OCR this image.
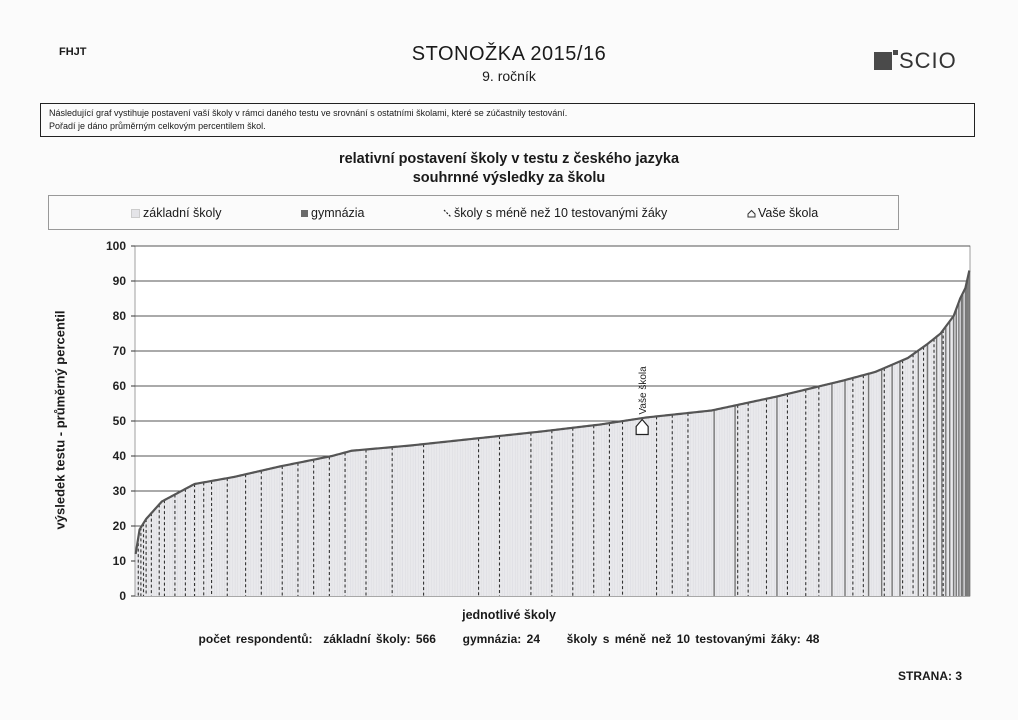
FHJT	STONOŽKA 2015/16
9. ročník
SCIO
Následující graf vystihuje postavení vaší školy v rámci daného testu ve srovnání s ostatními školami, které se zúčastnily testování.
Pořadí je dáno průměrným celkovým percentilem škol.
relativní postavení školy v testu z českého jazyka
souhrnné výsledky za školu
základní školy	gymnázia	školy s méně než 10 testovanými žáky	Vaše škola
výsledek testu - průměrný percentil
0
10
20
30
40
50
60
70
80
90
100
Vaše škola
jednotlivé školy
počet respondentů: základní školy: 566 gymnázia: 24 školy s méně než 10 testovanými žáky: 48
STRANA: 3
